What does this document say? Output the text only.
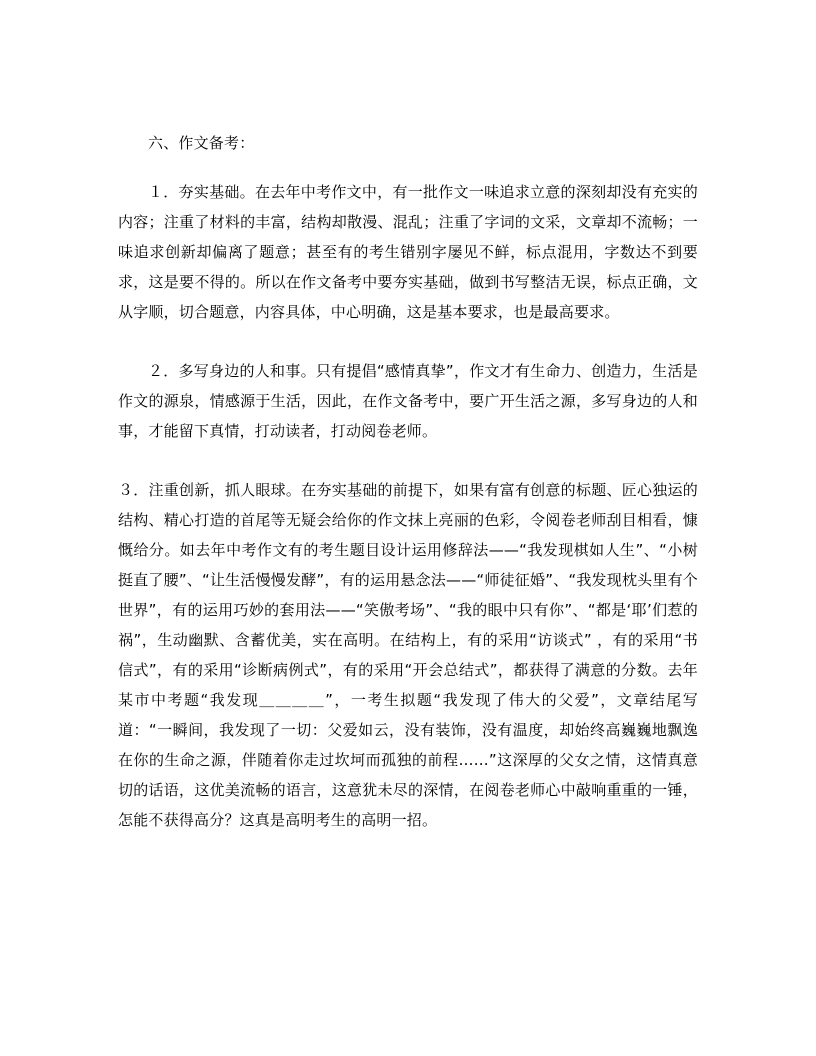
六、作文备考：

１．夯实基础。在去年中考作文中，有一批作文一味追求立意的深刻却没有充实的内容；注重了材料的丰富，结构却散漫、混乱；注重了字词的文采，文章却不流畅；一味追求创新却偏离了题意；甚至有的考生错别字屡见不鲜，标点混用，字数达不到要求，这是要不得的。所以在作文备考中要夯实基础，做到书写整洁无误，标点正确，文从字顺，切合题意，内容具体，中心明确，这是基本要求，也是最高要求。

２．多写身边的人和事。只有提倡“感情真挚”，作文才有生命力、创造力，生活是作文的源泉，情感源于生活，因此，在作文备考中，要广开生活之源，多写身边的人和事，才能留下真情，打动读者，打动阅卷老师。

３．注重创新，抓人眼球。在夯实基础的前提下，如果有富有创意的标题、匠心独运的结构、精心打造的首尾等无疑会给你的作文抹上亮丽的色彩，令阅卷老师刮目相看，慷慨给分。如去年中考作文有的考生题目设计运用修辞法——“我发现棋如人生”、“小树挺直了腰”、“让生活慢慢发酵”，有的运用悬念法——“师徒征婚”、“我发现枕头里有个世界”，有的运用巧妙的套用法——“笑傲考场”、“我的眼中只有你”、“都是‘耶’们惹的祸”，生动幽默、含蓄优美，实在高明。在结构上，有的采用“访谈式” ，有的采用“书信式”，有的采用“诊断病例式”，有的采用“开会总结式”，都获得了满意的分数。去年某市中考题“我发现＿＿＿＿”，一考生拟题“我发现了伟大的父爱”，文章结尾写道：“一瞬间，我发现了一切：父爱如云，没有装饰，没有温度，却始终高巍巍地飘逸在你的生命之源，伴随着你走过坎坷而孤独的前程……”这深厚的父女之情，这情真意切的话语，这优美流畅的语言，这意犹未尽的深情，在阅卷老师心中敲响重重的一锤，怎能不获得高分？这真是高明考生的高明一招。
